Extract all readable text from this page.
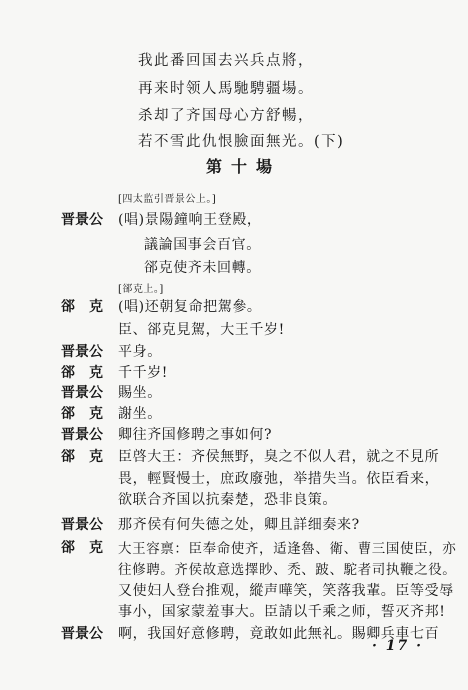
我此番回国去兴兵点將，
再来时领人馬馳騁疆場。
杀却了齐国母心方舒暢，
若不雪此仇恨臉面無光。(下)
第十場
[四太监引晋景公上。]
晋景公 (唱)景陽鐘响王登殿，
議論国事会百官。
郤克使齐未回轉。
[郤克上。]
郤　克 (唱)还朝复命把駕參。
臣、郤克見駕，大王千岁!
晋景公 平身。
郤　克 千千岁!
晋景公 賜坐。
郤　克 謝坐。
晋景公 卿往齐国修聘之事如何?
郤　克 臣啓大王：齐侯無野，臭之不似人君，就之不見所
畏，輕賢慢士，庶政廢弛，举措失当。依臣看来，
欲联合齐国以抗秦楚，恐非良策。
晋景公 那齐侯有何失德之处，卿且詳细奏来?
郤　克 大王容禀：臣奉命使齐，适逢魯、衛、曹三国使臣，亦
往修聘。齐侯故意选擇眇、禿、跛、駝者司执鞭之役。
又使妇人登台推观，縱声嘩笑，笑落我輩。臣等受辱
事小，国家蒙羞事大。臣請以千乘之师，誓灭齐邦!
晋景公 啊，我国好意修聘，竟敢如此無礼。賜卿兵車七百
· 17 ·
